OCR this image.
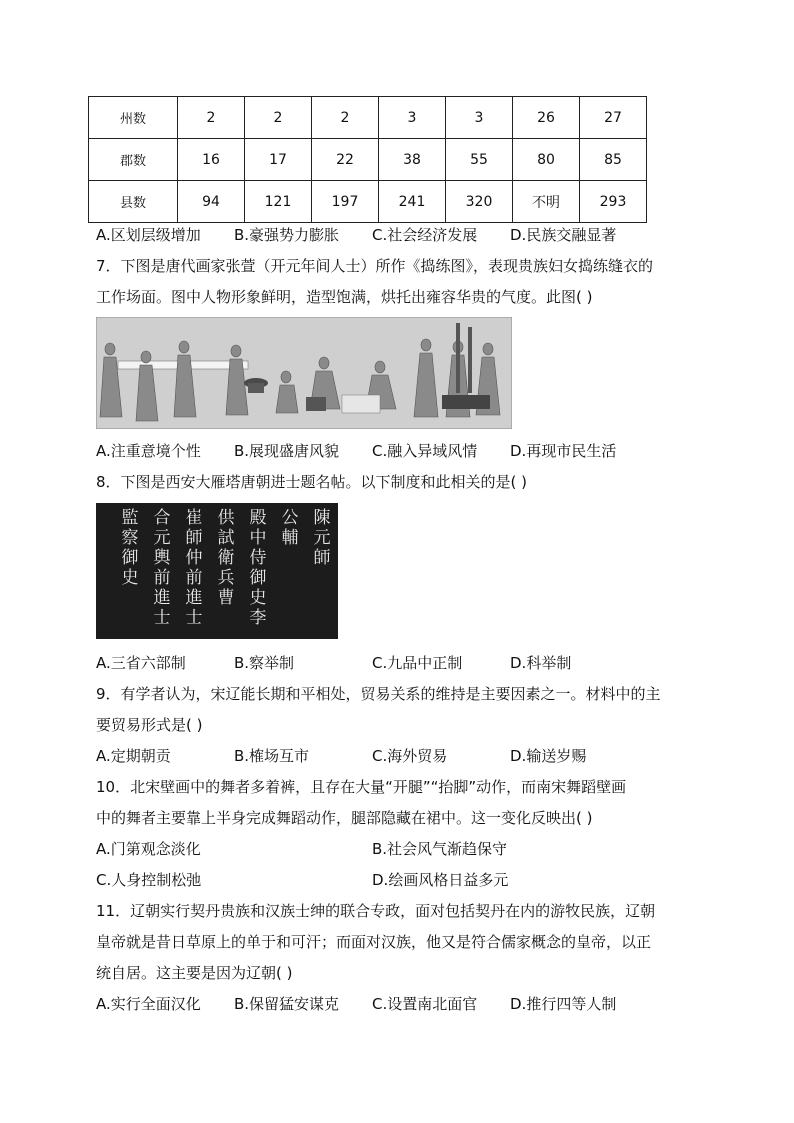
州数	2	2	2	3	3	26	27
郡数	16	17	22	38	55	80	85
县数	94	121	197	241	320	不明	293
A.区划层级增加 B.豪强势力膨胀 C.社会经济发展 D.民族交融显著
7．下图是唐代画家张萱（开元年间人士）所作《捣练图》，表现贵族妇女捣练缝衣的
工作场面。图中人物形象鲜明，造型饱满，烘托出雍容华贵的气度。此图( )
A.注重意境个性 B.展现盛唐风貌 C.融入异域风情 D.再现市民生活
8．下图是西安大雁塔唐朝进士题名帖。以下制度和此相关的是( )
陳元師
公輔
殿中侍御史李
供試衛兵曹
崔師仲前進士
合元輿前進士
監察御史
A.三省六部制	B.察举制	C.九品中正制	D.科举制
9．有学者认为，宋辽能长期和平相处，贸易关系的维持是主要因素之一。材料中的主
要贸易形式是( )
A.定期朝贡	B.榷场互市	C.海外贸易	D.输送岁赐
10．北宋壁画中的舞者多着裤，且存在大量“开腿”“抬脚”动作，而南宋舞蹈壁画
中的舞者主要靠上半身完成舞蹈动作，腿部隐藏在裙中。这一变化反映出( )
A.门第观念淡化	B.社会风气渐趋保守
C.人身控制松弛	D.绘画风格日益多元
11．辽朝实行契丹贵族和汉族士绅的联合专政，面对包括契丹在内的游牧民族，辽朝
皇帝就是昔日草原上的单于和可汗；而面对汉族，他又是符合儒家概念的皇帝，以正
统自居。这主要是因为辽朝( )
A.实行全面汉化 B.保留猛安谋克 C.设置南北面官 D.推行四等人制
